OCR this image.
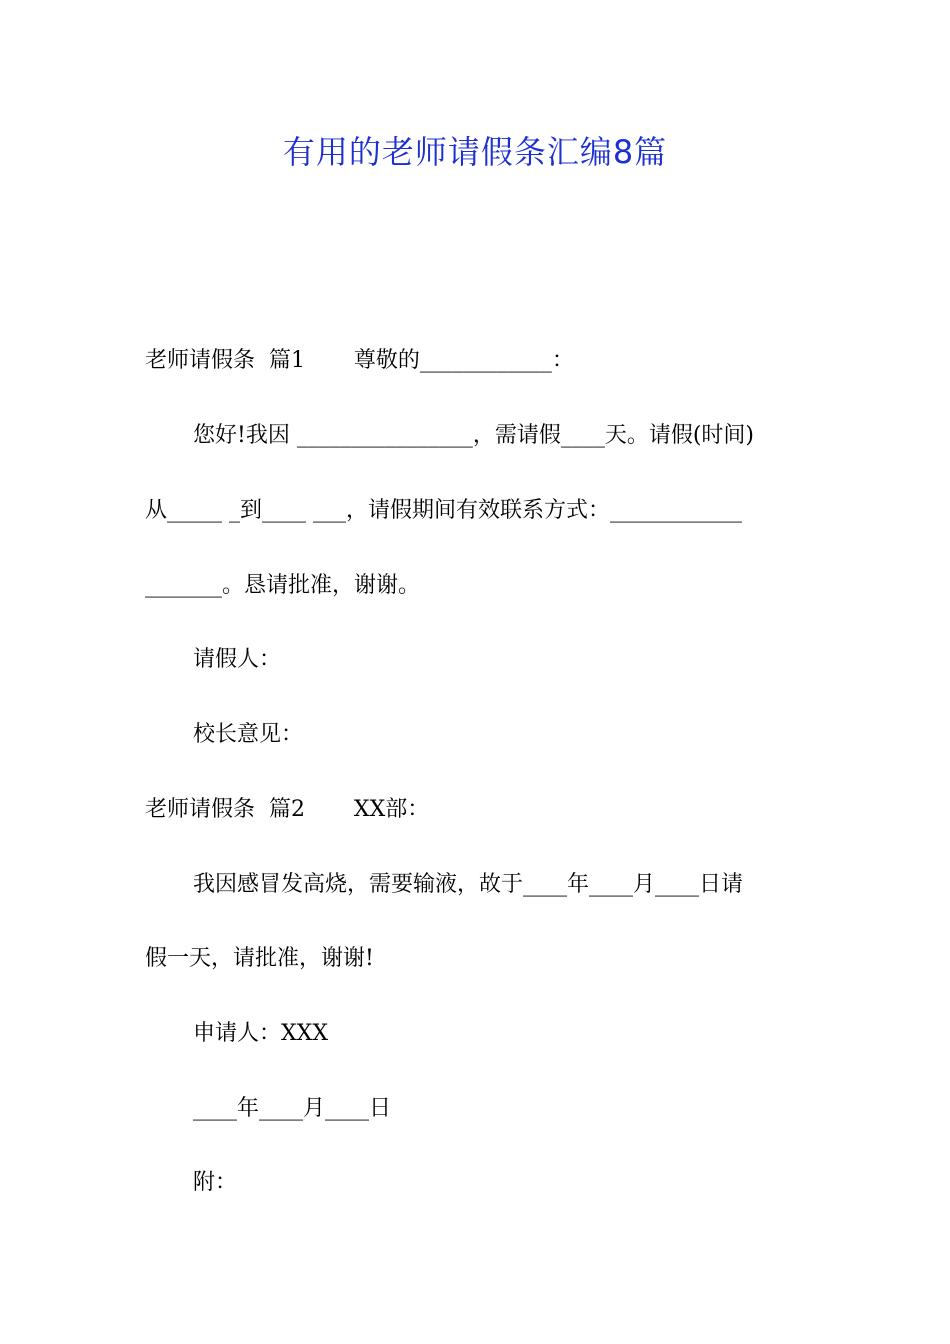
有用的老师请假条汇编8篇

老师请假条  篇1       尊敬的____________：

您好!我因 ________________，需请假____天。请假(时间)

从_____ _到____ ___，请假期间有效联系方式：____________

_______。恳请批准，谢谢。

请假人：

校长意见：

老师请假条  篇2       XX部：

我因感冒发高烧，需要输液，故于____年____月____日请

假一天，请批准，谢谢!

申请人：XXX

____年____月____日

附：
